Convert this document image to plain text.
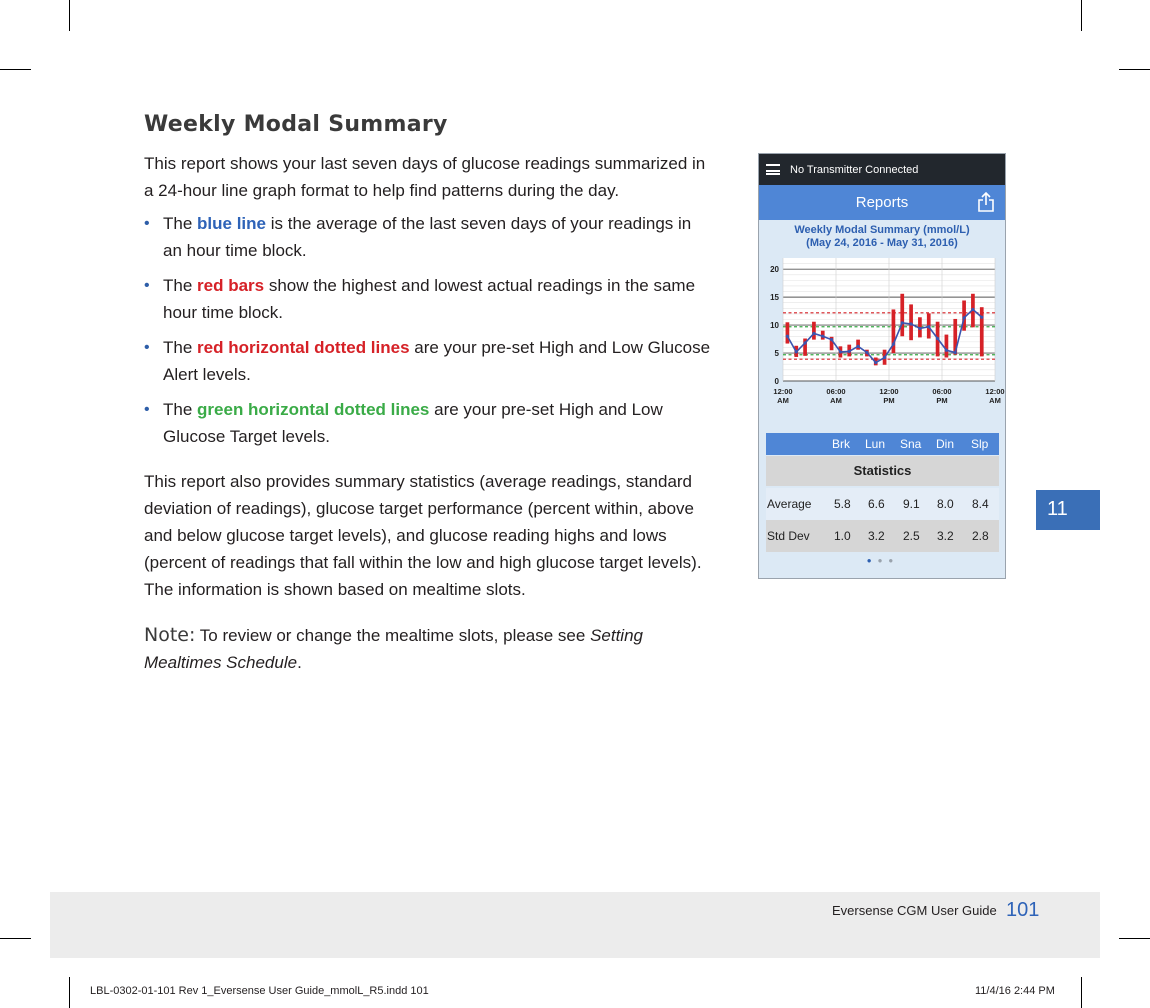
Weekly Modal Summary

This report shows your last seven days of glucose readings summarized in a 24-hour line graph format to help find patterns during the day.

• The blue line is the average of the last seven days of your readings in an hour time block.
• The red bars show the highest and lowest actual readings in the same hour time block.
• The red horizontal dotted lines are your pre-set High and Low Glucose Alert levels.
• The green horizontal dotted lines are your pre-set High and Low Glucose Target levels.

This report also provides summary statistics (average readings, standard deviation of readings), glucose target performance (percent within, above and below glucose target levels), and glucose reading highs and lows (percent of readings that fall within the low and high glucose target levels). The information is shown based on mealtime slots.

Note: To review or change the mealtime slots, please see Setting Mealtimes Schedule.

11
No Transmitter Connected
Reports
Weekly Modal Summary (mmol/L)
(May 24, 2016 - May 31, 2016)
0
5
10
15
20
12:00
AM
06:00
AM
12:00
PM
06:00
PM
12:00
AM
Brk Lun Sna Din Slp
Statistics
Average 5.8 6.6 9.1 8.0 8.4
Std Dev 1.0 3.2 2.5 3.2 2.8
●●●
Eversense CGM User Guide 101
LBL-0302-01-101 Rev 1_Eversense User Guide_mmolL_R5.indd 101	11/4/16 2:44 PM
